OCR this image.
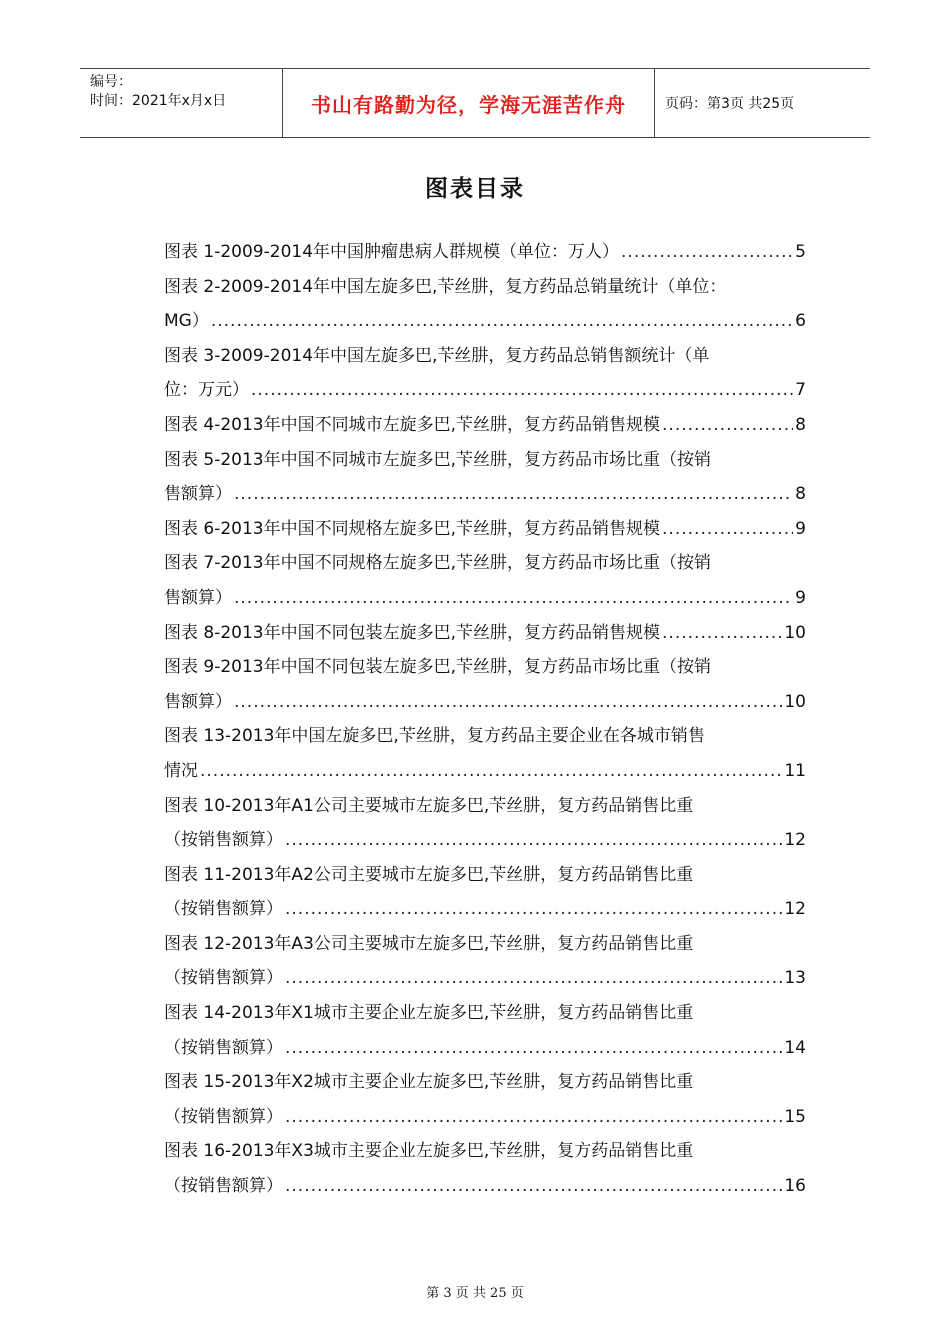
编号：
时间：2021年x月x日	书山有路勤为径，学海无涯苦作舟	页码：第3页 共25页
图表目录
图表 1-2009-2014年中国肿瘤患病人群规模（单位：万人） .....	5
图表 2-2009-2014年中国左旋多巴,苄丝肼，复方药品总销量统计（单位：
MG） .....	6
图表 3-2009-2014年中国左旋多巴,苄丝肼，复方药品总销售额统计（单
位：万元） .....	7
图表 4-2013年中国不同城市左旋多巴,苄丝肼，复方药品销售规模 .....	8
图表 5-2013年中国不同城市左旋多巴,苄丝肼，复方药品市场比重（按销
售额算） .....	8
图表 6-2013年中国不同规格左旋多巴,苄丝肼，复方药品销售规模 .....	9
图表 7-2013年中国不同规格左旋多巴,苄丝肼，复方药品市场比重（按销
售额算） .....	9
图表 8-2013年中国不同包装左旋多巴,苄丝肼，复方药品销售规模 .....	10
图表 9-2013年中国不同包装左旋多巴,苄丝肼，复方药品市场比重（按销
售额算） .....	10
图表 13-2013年中国左旋多巴,苄丝肼，复方药品主要企业在各城市销售
情况 .....	11
图表 10-2013年A1公司主要城市左旋多巴,苄丝肼，复方药品销售比重
（按销售额算） .....	12
图表 11-2013年A2公司主要城市左旋多巴,苄丝肼，复方药品销售比重
（按销售额算） .....	12
图表 12-2013年A3公司主要城市左旋多巴,苄丝肼，复方药品销售比重
（按销售额算） .....	13
图表 14-2013年X1城市主要企业左旋多巴,苄丝肼，复方药品销售比重
（按销售额算） .....	14
图表 15-2013年X2城市主要企业左旋多巴,苄丝肼，复方药品销售比重
（按销售额算） .....	15
图表 16-2013年X3城市主要企业左旋多巴,苄丝肼，复方药品销售比重
（按销售额算） .....	16
第 3 页 共 25 页
